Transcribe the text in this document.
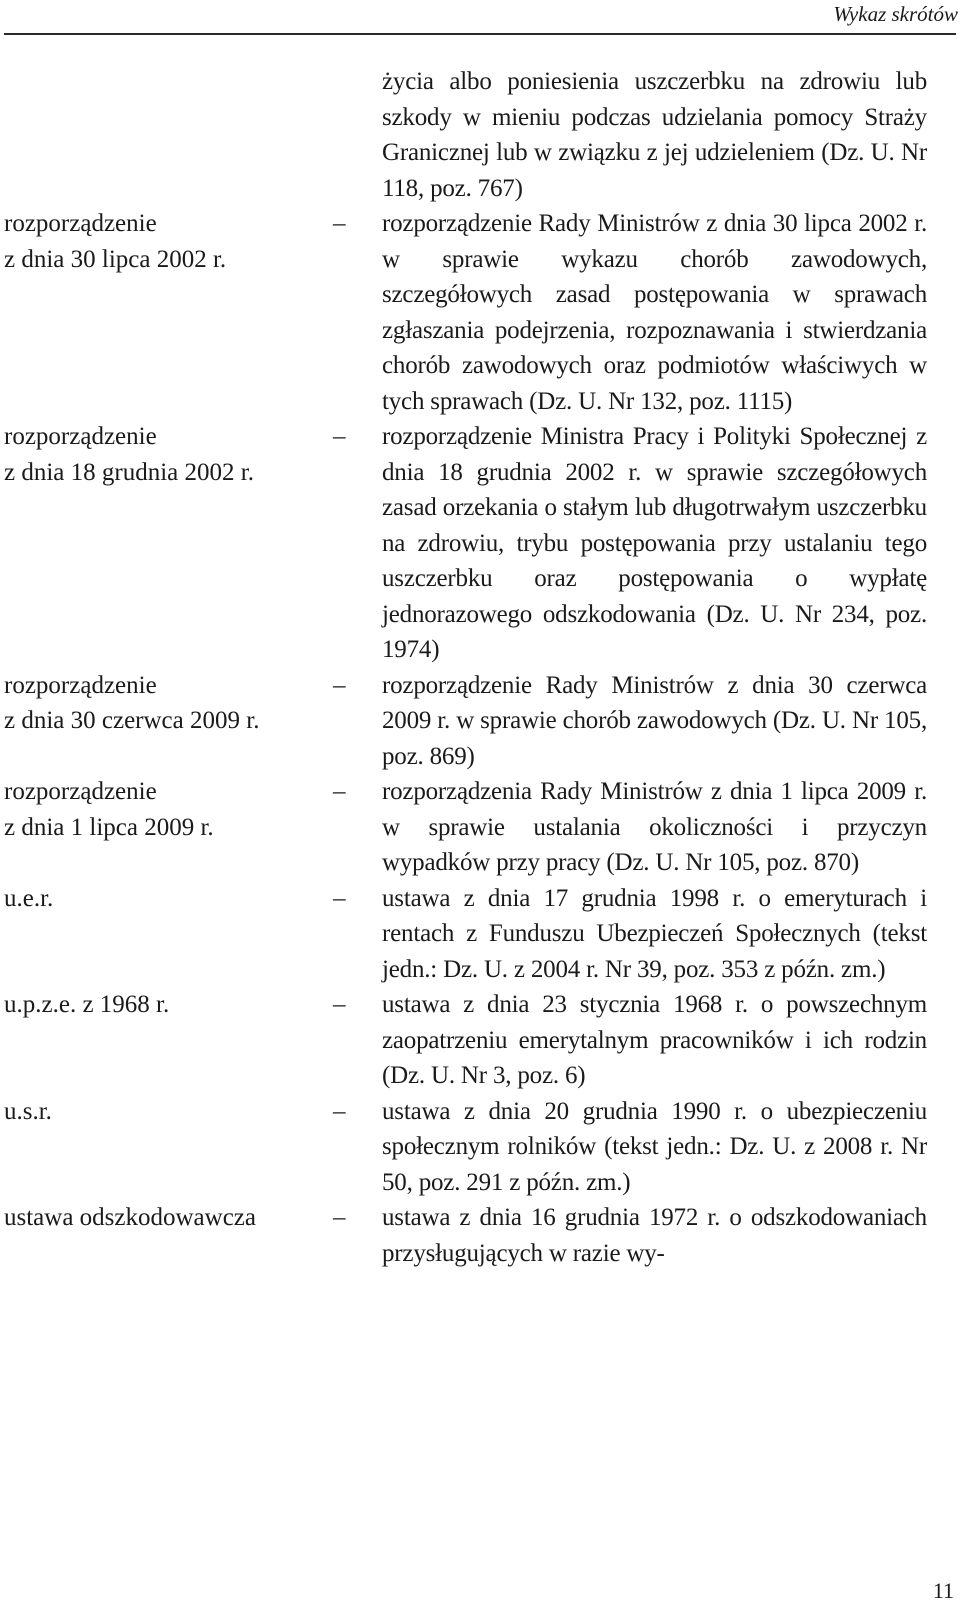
Wykaz skrótów
życia albo poniesienia uszczerbku na zdrowiu lub szkody w mieniu podczas udzielania pomocy Straży Granicznej lub w związku z jej udzieleniem (Dz. U. Nr 118, poz. 767)
rozporządzenie
z dnia 30 lipca 2002 r.
–	rozporządzenie Rady Ministrów z dnia 30 lipca 2002 r. w sprawie wykazu chorób zawodowych, szczegółowych zasad postępowania w sprawach zgłaszania podejrzenia, rozpoznawania i stwierdzania chorób zawodowych oraz podmiotów właściwych w tych sprawach (Dz. U. Nr 132, poz. 1115)
rozporządzenie
z dnia 18 grudnia 2002 r.
–	rozporządzenie Ministra Pracy i Polityki Społecznej z dnia 18 grudnia 2002 r. w sprawie szczegółowych zasad orzekania o stałym lub długotrwałym uszczerbku na zdrowiu, trybu postępowania przy ustalaniu tego uszczerbku oraz postępowania o wypłatę jednorazowego odszkodowania (Dz. U. Nr 234, poz. 1974)
rozporządzenie
z dnia 30 czerwca 2009 r.
–	rozporządzenie Rady Ministrów z dnia 30 czerwca 2009 r. w sprawie chorób zawodowych (Dz. U. Nr 105, poz. 869)
rozporządzenie
z dnia 1 lipca 2009 r.
–	rozporządzenia Rady Ministrów z dnia 1 lipca 2009 r. w sprawie ustalania okoliczności i przyczyn wypadków przy pracy (Dz. U. Nr 105, poz. 870)
u.e.r.	–	ustawa z dnia 17 grudnia 1998 r. o emeryturach i rentach z Funduszu Ubezpieczeń Społecznych (tekst jedn.: Dz. U. z 2004 r. Nr 39, poz. 353 z późn. zm.)
u.p.z.e. z 1968 r.	–	ustawa z dnia 23 stycznia 1968 r. o powszechnym zaopatrzeniu emerytalnym pracowników i ich rodzin (Dz. U. Nr 3, poz. 6)
u.s.r.	–	ustawa z dnia 20 grudnia 1990 r. o ubezpieczeniu społecznym rolników (tekst jedn.: Dz. U. z 2008 r. Nr 50, poz. 291 z późn. zm.)
ustawa odszkodowawcza	–	ustawa z dnia 16 grudnia 1972 r. o odszkodowaniach przysługujących w razie wy-
11
